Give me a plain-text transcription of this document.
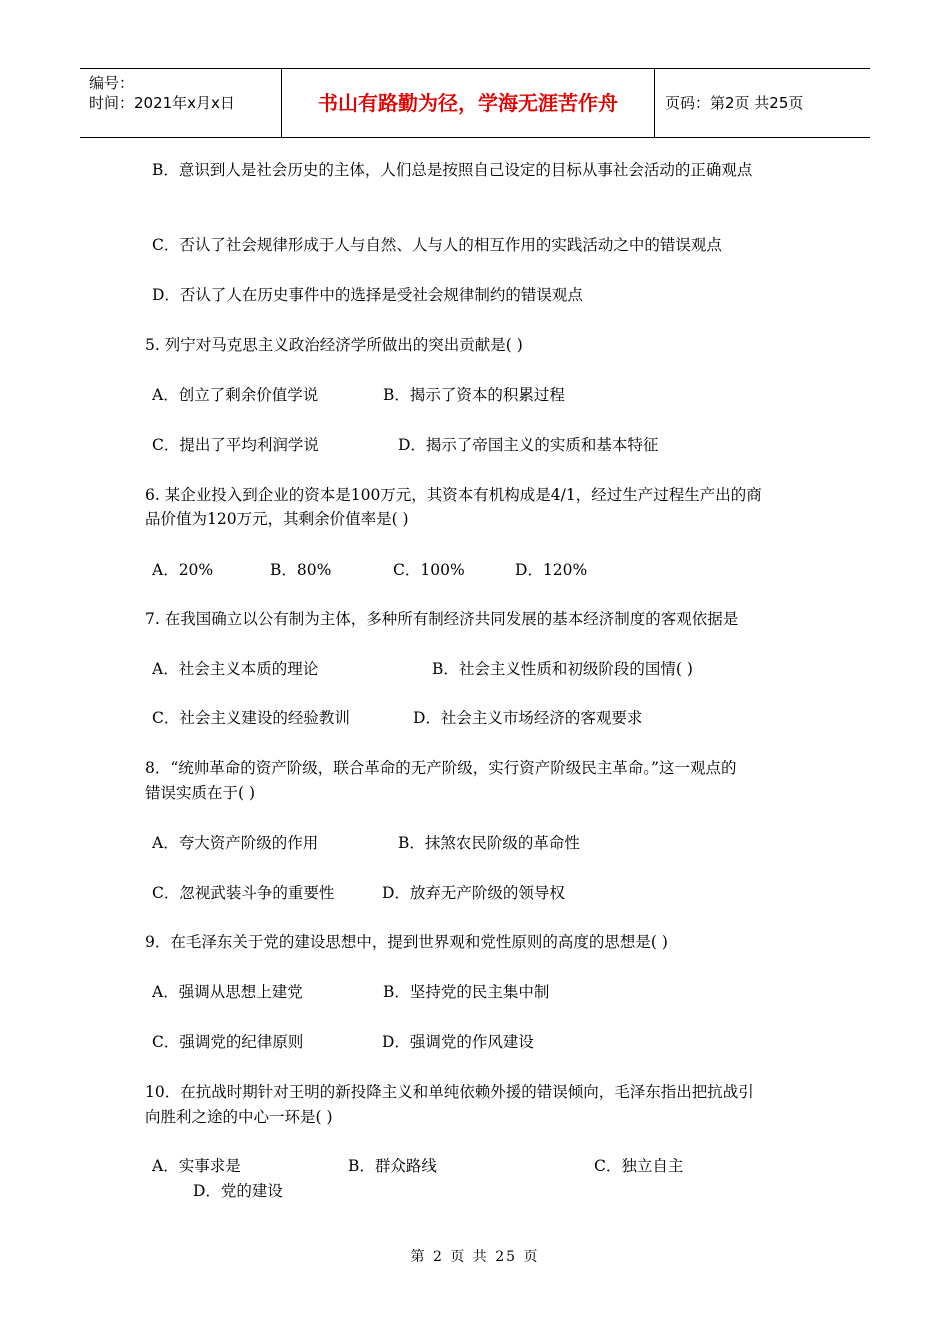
编号：
时间：2021年x月x日	书山有路勤为径，学海无涯苦作舟	页码：第2页 共25页
B．意识到人是社会历史的主体，人们总是按照自己设定的目标从事社会活动的正确观点
C．否认了社会规律形成于人与自然、人与人的相互作用的实践活动之中的错误观点
D．否认了人在历史事件中的选择是受社会规律制约的错误观点
5. 列宁对马克思主义政治经济学所做出的突出贡献是( )
A．创立了剩余价值学说	B．揭示了资本的积累过程
C．提出了平均利润学说	D．揭示了帝国主义的实质和基本特征
6. 某企业投入到企业的资本是100万元，其资本有机构成是4/1，经过生产过程生产出的商
品价值为120万元，其剩余价值率是( )
A．20%	B．80%	C．100%	D．120%
7. 在我国确立以公有制为主体，多种所有制经济共同发展的基本经济制度的客观依据是
A．社会主义本质的理论	B．社会主义性质和初级阶段的国情( )
C．社会主义建设的经验教训	D．社会主义市场经济的客观要求
8．“统帅革命的资产阶级，联合革命的无产阶级，实行资产阶级民主革命。”这一观点的
错误实质在于( )
A．夸大资产阶级的作用	B．抹煞农民阶级的革命性
C．忽视武装斗争的重要性	D．放弃无产阶级的领导权
9．在毛泽东关于党的建设思想中，提到世界观和党性原则的高度的思想是( )
A．强调从思想上建党	B．坚持党的民主集中制
C．强调党的纪律原则	D．强调党的作风建设
10．在抗战时期针对王明的新投降主义和单纯依赖外援的错误倾向，毛泽东指出把抗战引
向胜利之途的中心一环是( )
A．实事求是	B．群众路线	C．独立自主
D．党的建设
第 2 页 共 25 页
